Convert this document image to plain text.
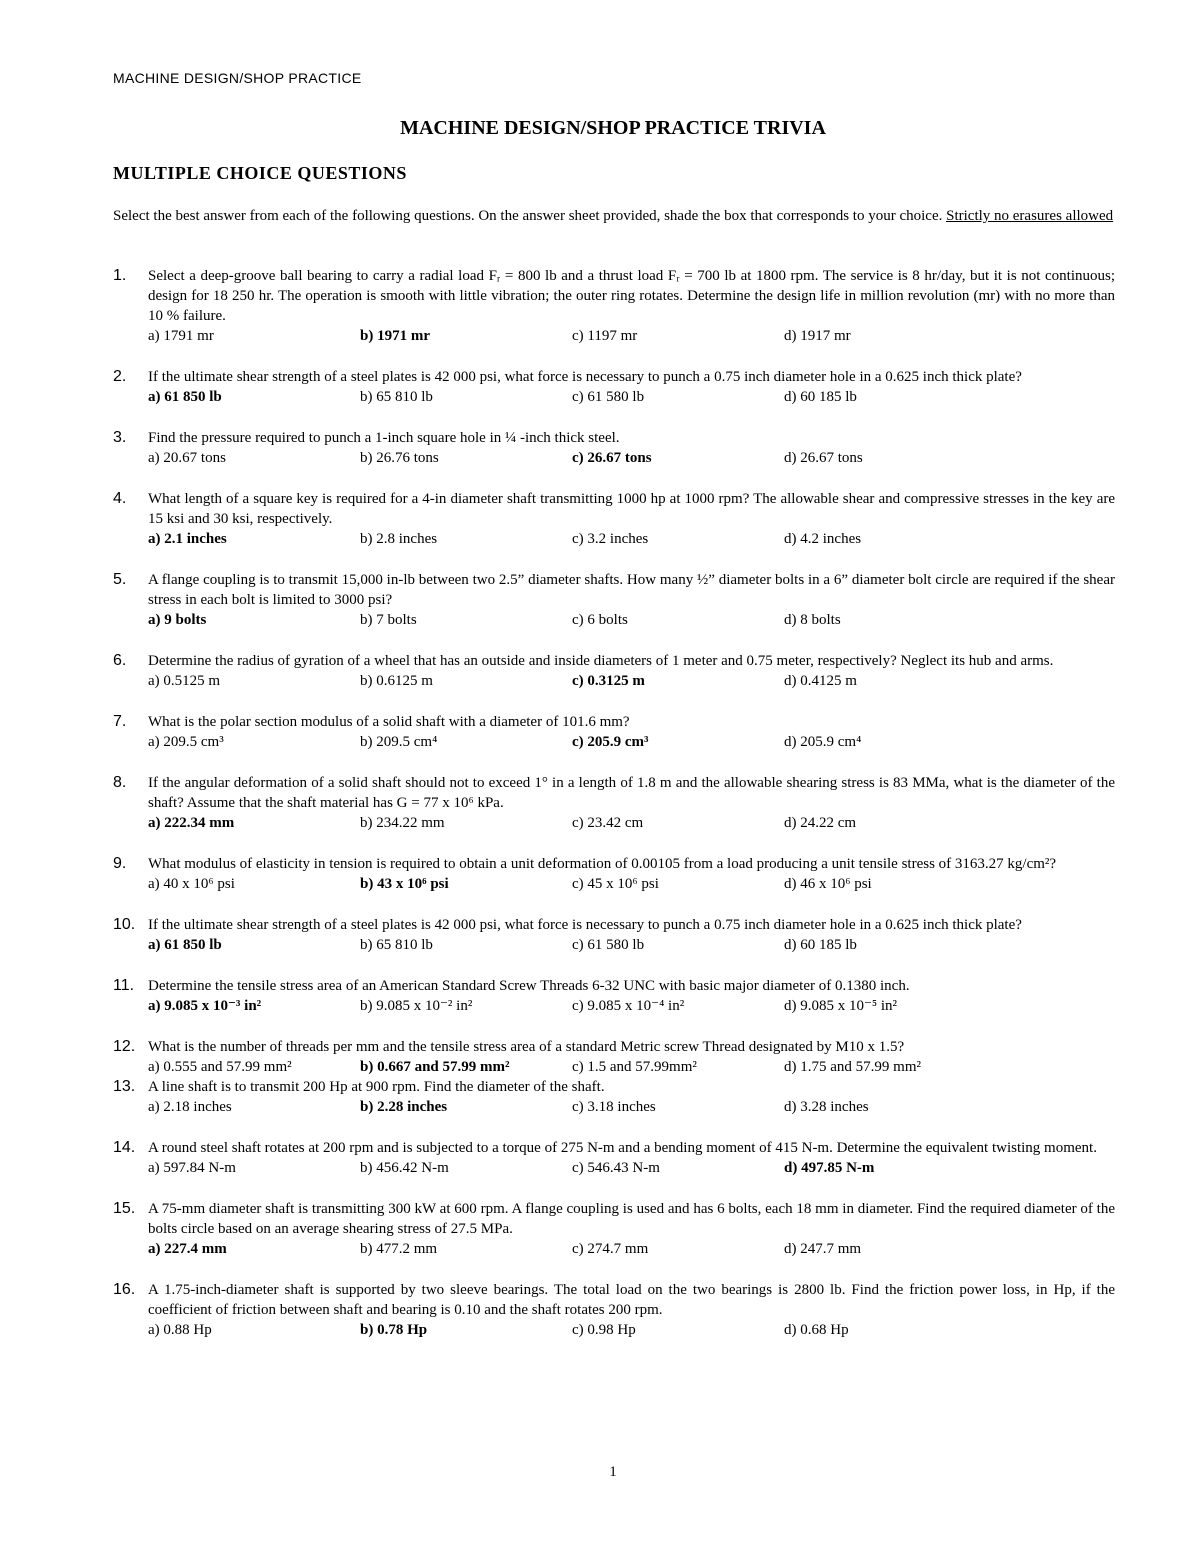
MACHINE DESIGN/SHOP PRACTICE
MACHINE DESIGN/SHOP PRACTICE TRIVIA
MULTIPLE CHOICE QUESTIONS
Select the best answer from each of the following questions. On the answer sheet provided, shade the box that corresponds to your choice. Strictly no erasures allowed
1.	Select a deep-groove ball bearing to carry a radial load Fᵣ = 800 lb and a thrust load Fᵣ = 700 lb at 1800 rpm. The service is 8 hr/day, but it is not continuous; design for 18 250 hr. The operation is smooth with little vibration; the outer ring rotates. Determine the design life in million revolution (mr) with no more than 10 % failure.
a) 1791 mr	b) 1971 mr	c) 1197 mr	d) 1917 mr
2.	If the ultimate shear strength of a steel plates is 42 000 psi, what force is necessary to punch a 0.75 inch diameter hole in a 0.625 inch thick plate?
a) 61 850 lb	b) 65 810 lb	c) 61 580 lb	d) 60 185 lb
3.	Find the pressure required to punch a 1-inch square hole in ¼ -inch thick steel.
a) 20.67 tons	b) 26.76 tons	c) 26.67 tons	d) 26.67 tons
4.	What length of a square key is required for a 4-in diameter shaft transmitting 1000 hp at 1000 rpm? The allowable shear and compressive stresses in the key are 15 ksi and 30 ksi, respectively.
a) 2.1 inches	b) 2.8 inches	c) 3.2 inches	d) 4.2 inches
5.	A flange coupling is to transmit 15,000 in-lb between two 2.5” diameter shafts. How many ½” diameter bolts in a 6” diameter bolt circle are required if the shear stress in each bolt is limited to 3000 psi?
a) 9 bolts	b) 7 bolts	c) 6 bolts	d) 8 bolts
6.	Determine the radius of gyration of a wheel that has an outside and inside diameters of 1 meter and 0.75 meter, respectively? Neglect its hub and arms.
a) 0.5125 m	b) 0.6125 m	c) 0.3125 m	d) 0.4125 m
7.	What is the polar section modulus of a solid shaft with a diameter of 101.6 mm?
a) 209.5 cm³	b) 209.5 cm⁴	c) 205.9 cm³	d) 205.9 cm⁴
8.	If the angular deformation of a solid shaft should not to exceed 1° in a length of 1.8 m and the allowable shearing stress is 83 MMa, what is the diameter of the shaft? Assume that the shaft material has G = 77 x 10⁶ kPa.
a) 222.34 mm	b) 234.22 mm	c) 23.42 cm	d) 24.22 cm
9.	What modulus of elasticity in tension is required to obtain a unit deformation of 0.00105 from a load producing a unit tensile stress of 3163.27 kg/cm²?
a) 40 x 10⁶ psi	b) 43 x 10⁶ psi	c) 45 x 10⁶ psi	d) 46 x 10⁶ psi
10. If the ultimate shear strength of a steel plates is 42 000 psi, what force is necessary to punch a 0.75 inch diameter hole in a 0.625 inch thick plate?
a) 61 850 lb	b) 65 810 lb	c) 61 580 lb	d) 60 185 lb
11. Determine the tensile stress area of an American Standard Screw Threads 6-32 UNC with basic major diameter of 0.1380 inch.
a) 9.085 x 10⁻³ in²	b) 9.085 x 10⁻² in²	c) 9.085 x 10⁻⁴ in²	d) 9.085 x 10⁻⁵ in²
12. What is the number of threads per mm and the tensile stress area of a standard Metric screw Thread designated by M10 x 1.5?
a) 0.555 and 57.99 mm²	b) 0.667 and 57.99 mm²	c) 1.5 and 57.99mm²	d) 1.75 and 57.99 mm²
13. A line shaft is to transmit 200 Hp at 900 rpm. Find the diameter of the shaft.
a) 2.18 inches	b) 2.28 inches	c) 3.18 inches	d) 3.28 inches
14. A round steel shaft rotates at 200 rpm and is subjected to a torque of 275 N-m and a bending moment of 415 N-m. Determine the equivalent twisting moment.
a) 597.84 N-m	b) 456.42 N-m	c) 546.43 N-m	d) 497.85 N-m
15. A 75-mm diameter shaft is transmitting 300 kW at 600 rpm. A flange coupling is used and has 6 bolts, each 18 mm in diameter. Find the required diameter of the bolts circle based on an average shearing stress of 27.5 MPa.
a) 227.4 mm	b) 477.2 mm	c) 274.7 mm	d) 247.7 mm
16. A 1.75-inch-diameter shaft is supported by two sleeve bearings. The total load on the two bearings is 2800 lb. Find the friction power loss, in Hp, if the coefficient of friction between shaft and bearing is 0.10 and the shaft rotates 200 rpm.
a) 0.88 Hp	b) 0.78 Hp	c) 0.98 Hp	d) 0.68 Hp
1
